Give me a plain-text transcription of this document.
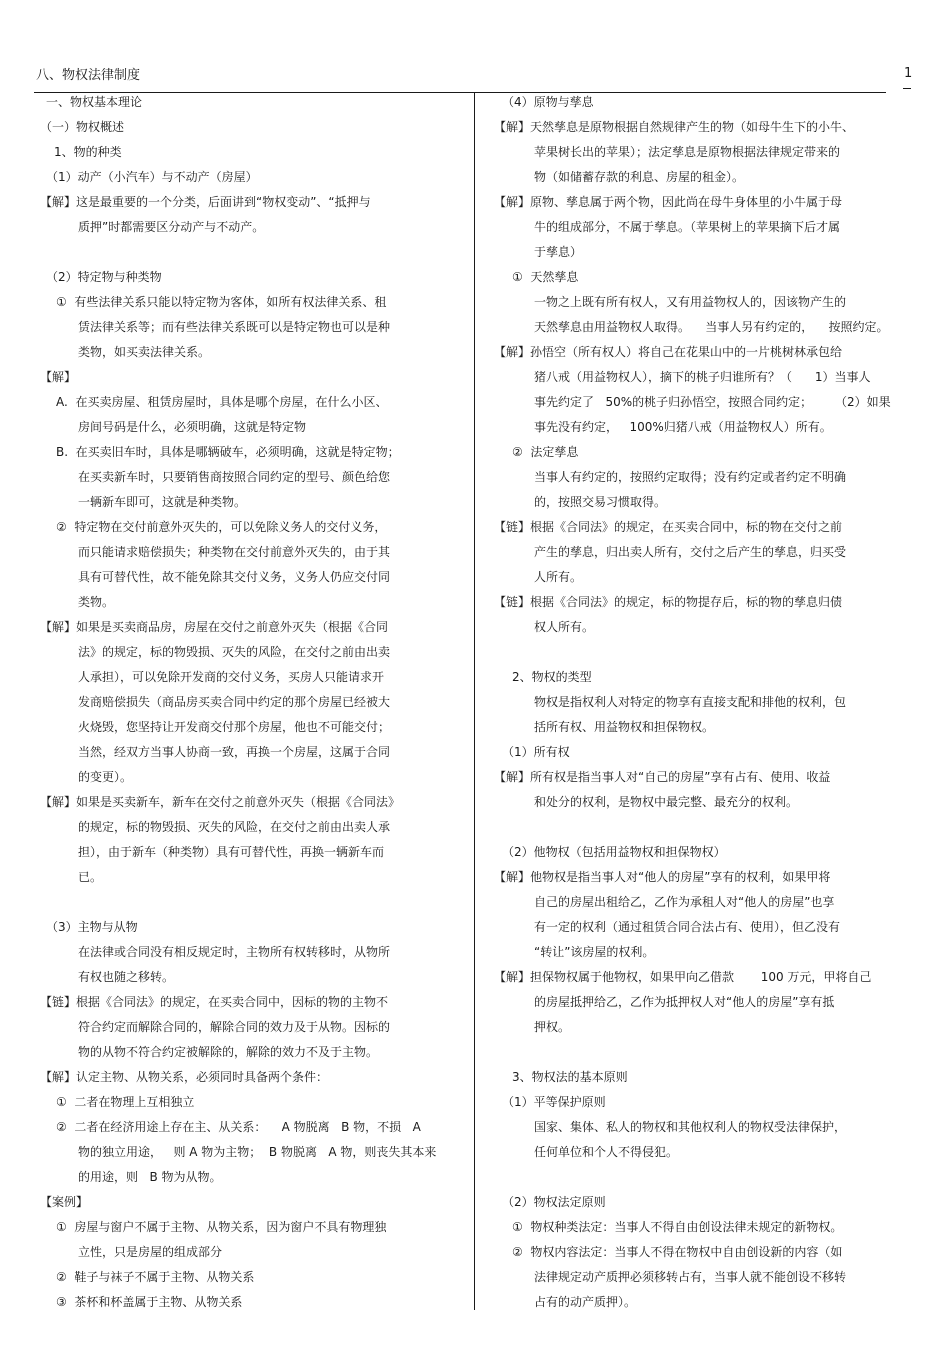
八、物权法律制度	1
一、物权基本理论
（一）物权概述
1、物的种类
（1）动产（小汽车）与不动产（房屋）
【解】这是最重要的一个分类，后面讲到“物权变动”、“抵押与
质押”时都需要区分动产与不动产。
（2）特定物与种类物
①  有些法律关系只能以特定物为客体，如所有权法律关系、租
赁法律关系等；而有些法律关系既可以是特定物也可以是种
类物，如买卖法律关系。
【解】
A.  在买卖房屋、租赁房屋时，具体是哪个房屋，在什么小区、
房间号码是什么，必须明确，这就是特定物
B.  在买卖旧车时，具体是哪辆破车，必须明确，这就是特定物；
在买卖新车时，只要销售商按照合同约定的型号、颜色给您
一辆新车即可，这就是种类物。
②  特定物在交付前意外灭失的，可以免除义务人的交付义务，
而只能请求赔偿损失；种类物在交付前意外灭失的，由于其
具有可替代性，故不能免除其交付义务，义务人仍应交付同
类物。
【解】如果是买卖商品房，房屋在交付之前意外灭失（根据《合同
法》的规定，标的物毁损、灭失的风险，在交付之前由出卖
人承担），可以免除开发商的交付义务，买房人只能请求开
发商赔偿损失（商品房买卖合同中约定的那个房屋已经被大
火烧毁，您坚持让开发商交付那个房屋，他也不可能交付；
当然，经双方当事人协商一致，再换一个房屋，这属于合同
的变更）。
【解】如果是买卖新车，新车在交付之前意外灭失（根据《合同法》
的规定，标的物毁损、灭失的风险，在交付之前由出卖人承
担），由于新车（种类物）具有可替代性，再换一辆新车而
已。
（3）主物与从物
在法律或合同没有相反规定时，主物所有权转移时，从物所
有权也随之移转。
【链】根据《合同法》的规定，在买卖合同中，因标的物的主物不
符合约定而解除合同的，解除合同的效力及于从物。因标的
物的从物不符合约定被解除的，解除的效力不及于主物。
【解】认定主物、从物关系，必须同时具备两个条件：
①  二者在物理上互相独立
②  二者在经济用途上存在主、从关系：    A 物脱离   B 物，不损   A
物的独立用途，   则 A 物为主物；  B 物脱离   A 物，则丧失其本来
的用途，则   B 物为从物。
【案例】
①  房屋与窗户不属于主物、从物关系，因为窗户不具有物理独
立性，只是房屋的组成部分
②  鞋子与袜子不属于主物、从物关系
③  茶杯和杯盖属于主物、从物关系
（4）原物与孳息
【解】天然孳息是原物根据自然规律产生的物（如母牛生下的小牛、
苹果树长出的苹果）；法定孳息是原物根据法律规定带来的
物（如储蓄存款的利息、房屋的租金）。
【解】原物、孳息属于两个物，因此尚在母牛身体里的小牛属于母
牛的组成部分，不属于孳息。（苹果树上的苹果摘下后才属
于孳息）
①  天然孳息
一物之上既有所有权人，又有用益物权人的，因该物产生的
天然孳息由用益物权人取得。    当事人另有约定的，    按照约定。
【解】孙悟空（所有权人）将自己在花果山中的一片桃树林承包给
猪八戒（用益物权人），摘下的桃子归谁所有？（      1）当事人
事先约定了   50%的桃子归孙悟空，按照合同约定；      （2）如果
事先没有约定，   100%归猪八戒（用益物权人）所有。
②  法定孳息
当事人有约定的，按照约定取得；没有约定或者约定不明确
的，按照交易习惯取得。
【链】根据《合同法》的规定，在买卖合同中，标的物在交付之前
产生的孳息，归出卖人所有，交付之后产生的孳息，归买受
人所有。
【链】根据《合同法》的规定，标的物提存后，标的物的孳息归债
权人所有。
2、物权的类型
物权是指权利人对特定的物享有直接支配和排他的权利，包
括所有权、用益物权和担保物权。
（1）所有权
【解】所有权是指当事人对“自己的房屋”享有占有、使用、收益
和处分的权利，是物权中最完整、最充分的权利。
（2）他物权（包括用益物权和担保物权）
【解】他物权是指当事人对“他人的房屋”享有的权利，如果甲将
自己的房屋出租给乙，乙作为承租人对“他人的房屋”也享
有一定的权利（通过租赁合同合法占有、使用），但乙没有
“转让”该房屋的权利。
【解】担保物权属于他物权，如果甲向乙借款       100 万元，甲将自己
的房屋抵押给乙，乙作为抵押权人对“他人的房屋”享有抵
押权。
3、物权法的基本原则
（1）平等保护原则
国家、集体、私人的物权和其他权利人的物权受法律保护，
任何单位和个人不得侵犯。
（2）物权法定原则
①  物权种类法定：当事人不得自由创设法律未规定的新物权。
②  物权内容法定：当事人不得在物权中自由创设新的内容（如
法律规定动产质押必须移转占有，当事人就不能创设不移转
占有的动产质押）。
